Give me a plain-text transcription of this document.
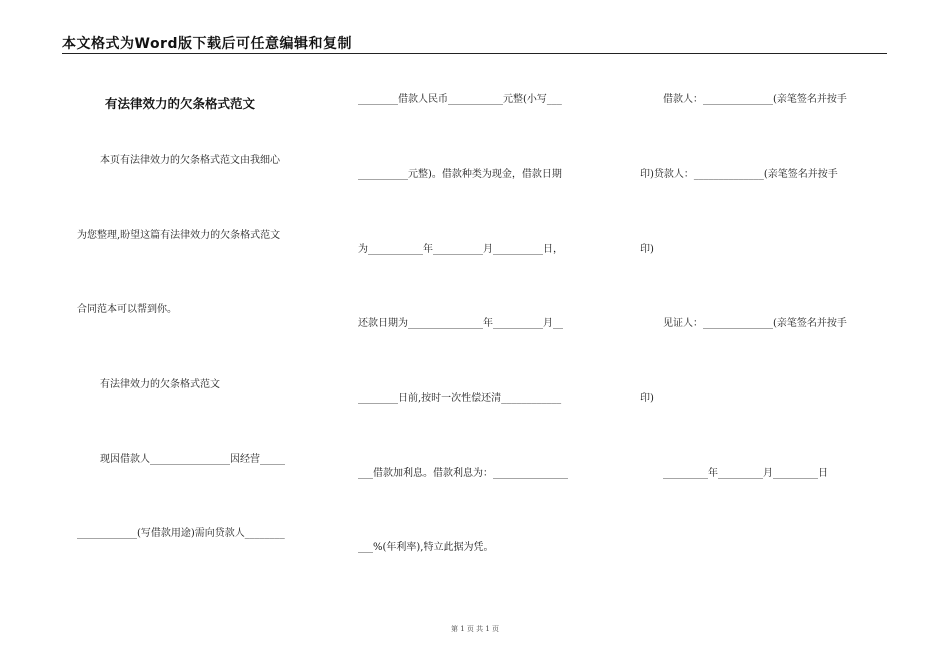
本文格式为Word版下载后可任意编辑和复制
有法律效力的欠条格式范文
本页有法律效力的欠条格式范文由我细心
为您整理,盼望这篇有法律效力的欠条格式范文
合同范本可以帮到你。
有法律效力的欠条格式范文
现因借款人________________因经营_____
____________(写借款用途)需向贷款人________
________借款人民币___________元整(小写___
__________元整)。借款种类为现金，借款日期
为___________年__________月__________日，
还款日期为_______________年__________月__
________日前,按时一次性偿还清____________
___借款加利息。借款利息为：_______________
___%(年利率),特立此据为凭。
借款人：______________(亲笔签名并按手
印)贷款人：______________(亲笔签名并按手
印)
见证人：______________(亲笔签名并按手
印)
_________年_________月_________日
第 1 页 共 1 页
